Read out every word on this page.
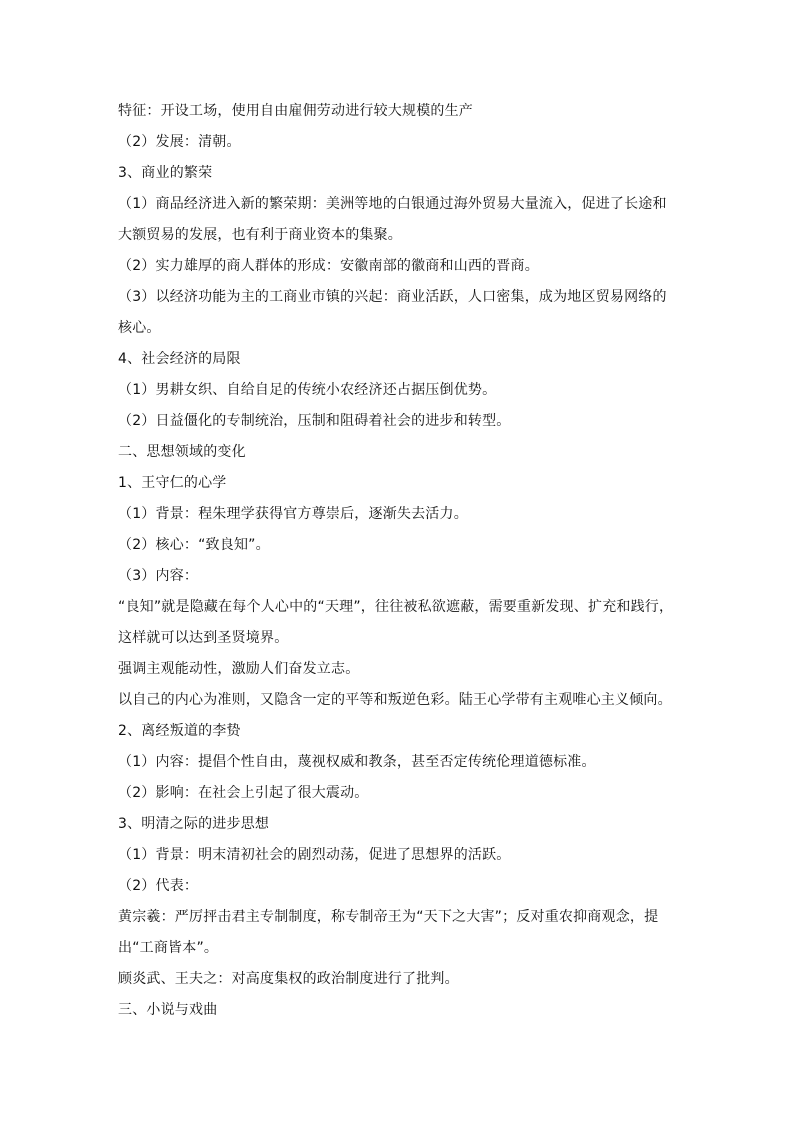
特征：开设工场，使用自由雇佣劳动进行较大规模的生产

（2）发展：清朝。

3、商业的繁荣

（1）商品经济进入新的繁荣期：美洲等地的白银通过海外贸易大量流入，促进了长途和大额贸易的发展，也有利于商业资本的集聚。

（2）实力雄厚的商人群体的形成：安徽南部的徽商和山西的晋商。

（3）以经济功能为主的工商业市镇的兴起：商业活跃，人口密集，成为地区贸易网络的核心。

4、社会经济的局限

（1）男耕女织、自给自足的传统小农经济还占据压倒优势。

（2）日益僵化的专制统治，压制和阻碍着社会的进步和转型。

二、思想领域的变化

1、王守仁的心学

（1）背景：程朱理学获得官方尊崇后，逐渐失去活力。

（2）核心：“致良知”。

（3）内容：

“良知”就是隐藏在每个人心中的“天理”，往往被私欲遮蔽，需要重新发现、扩充和践行，这样就可以达到圣贤境界。

强调主观能动性，激励人们奋发立志。

以自己的内心为准则，又隐含一定的平等和叛逆色彩。陆王心学带有主观唯心主义倾向。

2、离经叛道的李贽

（1）内容：提倡个性自由，蔑视权威和教条，甚至否定传统伦理道德标准。

（2）影响：在社会上引起了很大震动。

3、明清之际的进步思想

（1）背景：明末清初社会的剧烈动荡，促进了思想界的活跃。

（2）代表：

黄宗羲：严厉抨击君主专制制度，称专制帝王为“天下之大害”；反对重农抑商观念，提出“工商皆本”。

顾炎武、王夫之：对高度集权的政治制度进行了批判。

三、小说与戏曲
